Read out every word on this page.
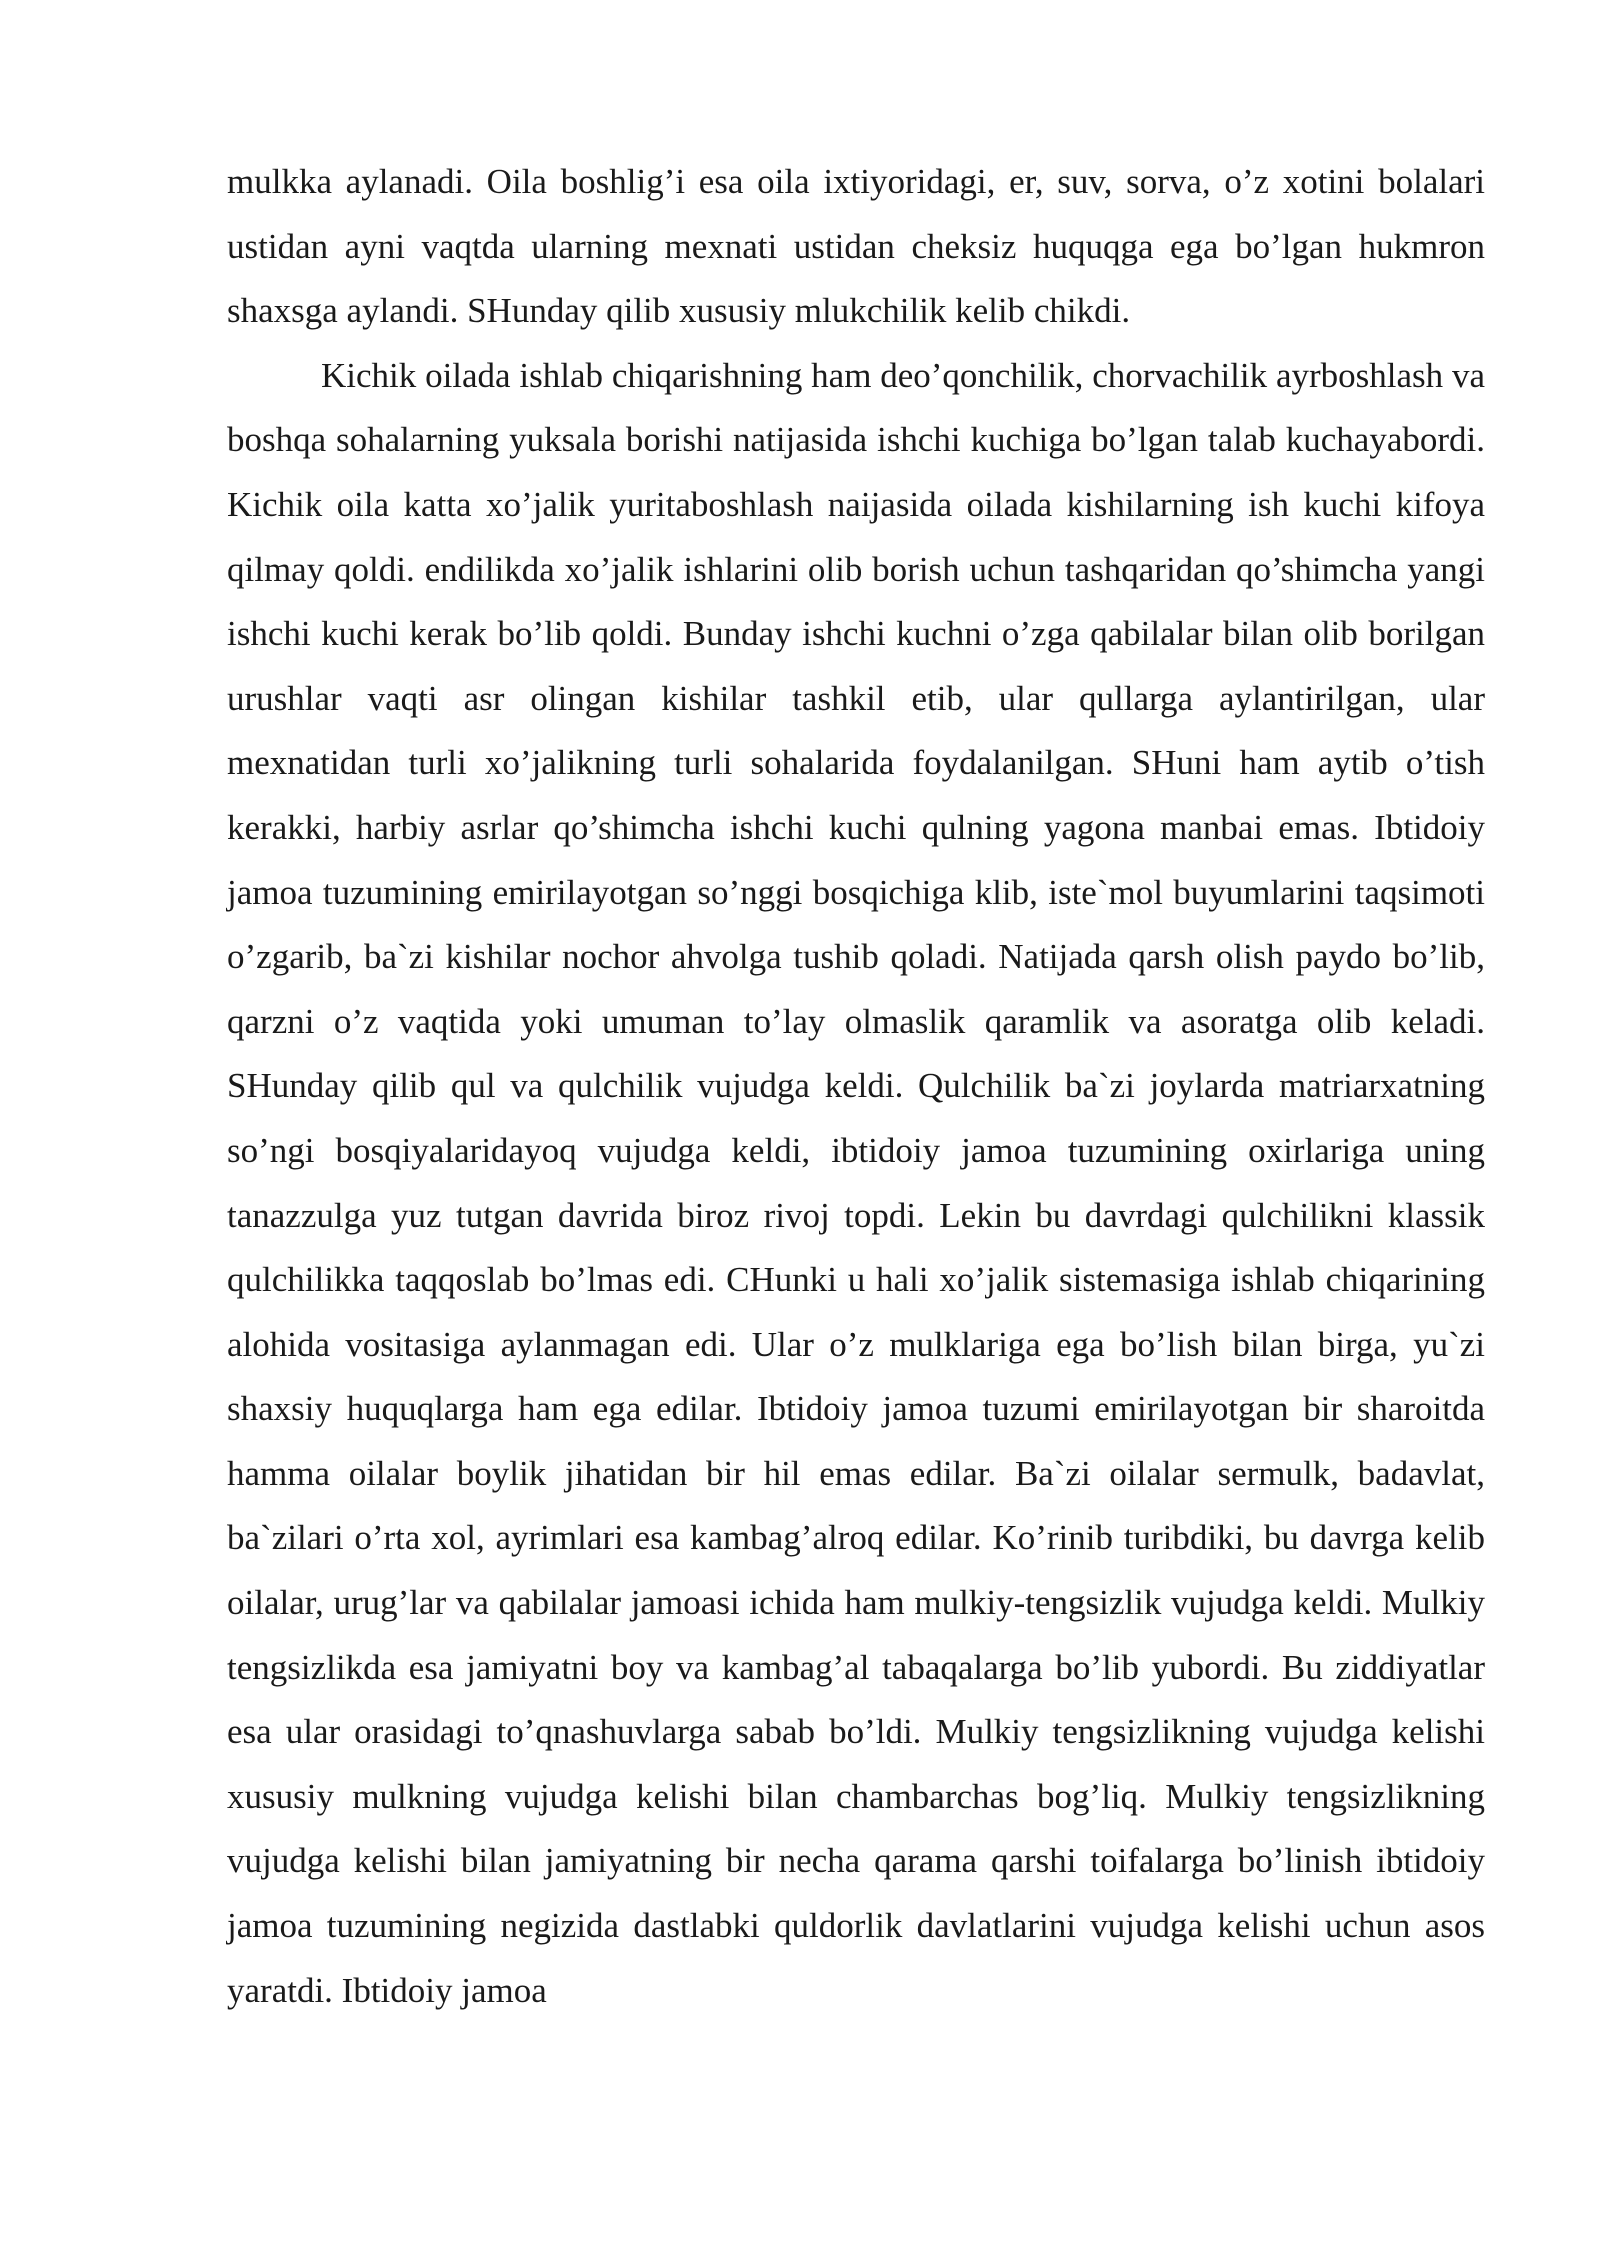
mulkka aylanadi. Oila boshlig’i esa oila ixtiyoridagi, er, suv, sorva, o’z xotini bolalari ustidan ayni vaqtda ularning mexnati ustidan cheksiz huquqga ega bo’lgan hukmron shaxsga aylandi. SHunday qilib xususiy mlukchilik kelib chikdi.

Kichik oilada ishlab chiqarishning ham deo’qonchilik, chorvachilik ayrboshlash va boshqa sohalarning yuksala borishi natijasida ishchi kuchiga bo’lgan talab kuchayabordi. Kichik oila katta xo’jalik yuritaboshlash naijasida oilada kishilarning ish kuchi kifoya qilmay qoldi. endilikda xo’jalik ishlarini olib borish uchun tashqaridan qo’shimcha yangi ishchi kuchi kerak bo’lib qoldi. Bunday ishchi kuchni o’zga qabilalar bilan olib borilgan urushlar vaqti asr olingan kishilar tashkil etib, ular qullarga aylantirilgan, ular mexnatidan turli xo’jalikning turli sohalarida foydalanilgan. SHuni ham aytib o’tish kerakki, harbiy asrlar qo’shimcha ishchi kuchi qulning yagona manbai emas. Ibtidoiy jamoa tuzumining emirilayotgan so’nggi bosqichiga klib, iste`mol buyumlarini taqsimoti o’zgarib, ba`zi kishilar nochor ahvolga tushib qoladi. Natijada qarsh olish paydo bo’lib, qarzni o’z vaqtida yoki umuman to’lay olmaslik qaramlik va asoratga olib keladi. SHunday qilib qul va qulchilik vujudga keldi. Qulchilik ba`zi joylarda matriarxatning so’ngi bosqiyalaridayoq vujudga keldi, ibtidoiy jamoa tuzumining oxirlariga uning tanazzulga yuz tutgan davrida biroz rivoj topdi. Lekin bu davrdagi qulchilikni klassik qulchilikka taqqoslab bo’lmas edi. CHunki u hali xo’jalik sistemasiga ishlab chiqarining alohida vositasiga aylanmagan edi. Ular o’z mulklariga ega bo’lish bilan birga, yu`zi shaxsiy huquqlarga ham ega edilar. Ibtidoiy jamoa tuzumi emirilayotgan bir sharoitda hamma oilalar boylik jihatidan bir hil emas edilar. Ba`zi oilalar sermulk, badavlat, ba`zilari o’rta xol, ayrimlari esa kambag’alroq edilar. Ko’rinib turibdiki, bu davrga kelib oilalar, urug’lar va qabilalar jamoasi ichida ham mulkiy-tengsizlik vujudga keldi. Mulkiy tengsizlikda esa jamiyatni boy va kambag’al tabaqalarga bo’lib yubordi. Bu ziddiyatlar esa ular orasidagi to’qnashuvlarga sabab bo’ldi. Mulkiy tengsizlikning vujudga kelishi xususiy mulkning vujudga kelishi bilan chambarchas bog’liq. Mulkiy tengsizlikning vujudga kelishi bilan jamiyatning bir necha qarama qarshi toifalarga bo’linish ibtidoiy jamoa tuzumining negizida dastlabki quldorlik davlatlarini vujudga kelishi uchun asos yaratdi. Ibtidoiy jamoa
